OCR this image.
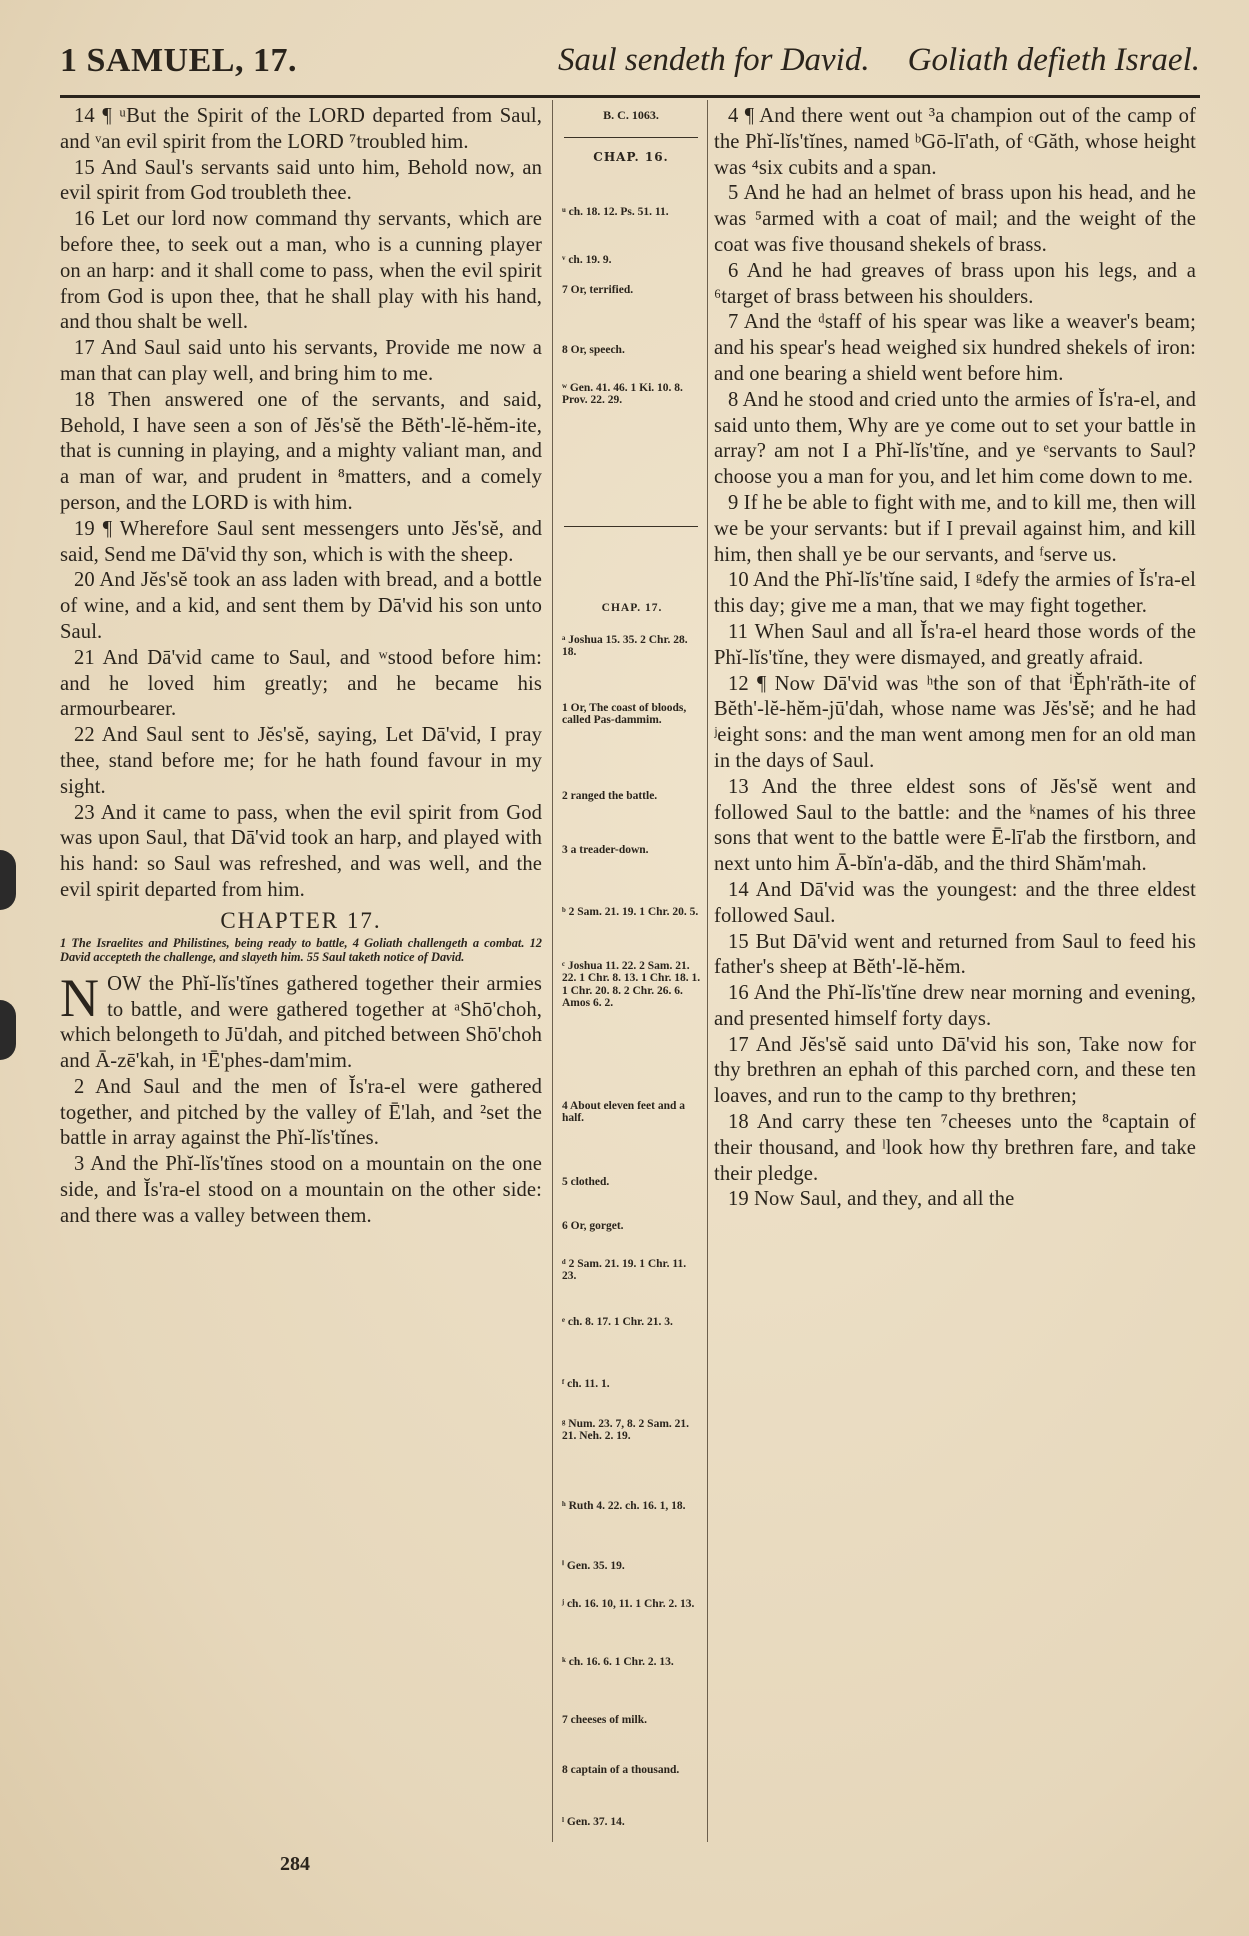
1 SAMUEL, 17.	Saul sendeth for David. Goliath defieth Israel.

14 ¶ ᵘBut the Spirit of the LORD departed from Saul, and ᵛan evil spirit from the LORD ⁷troubled him.

15 And Saul's servants said unto him, Behold now, an evil spirit from God troubleth thee.

16 Let our lord now command thy servants, which are before thee, to seek out a man, who is a cunning player on an harp: and it shall come to pass, when the evil spirit from God is upon thee, that he shall play with his hand, and thou shalt be well.

17 And Saul said unto his servants, Provide me now a man that can play well, and bring him to me.

18 Then answered one of the servants, and said, Behold, I have seen a son of Jĕs'sĕ the Bĕth'-lĕ-hĕm-ite, that is cunning in playing, and a mighty valiant man, and a man of war, and prudent in ⁸matters, and a comely person, and the LORD is with him.

19 ¶ Wherefore Saul sent messengers unto Jĕs'sĕ, and said, Send me Dā'vid thy son, which is with the sheep.

20 And Jĕs'sĕ took an ass laden with bread, and a bottle of wine, and a kid, and sent them by Dā'vid his son unto Saul.

21 And Dā'vid came to Saul, and ʷstood before him: and he loved him greatly; and he became his armourbearer.

22 And Saul sent to Jĕs'sĕ, saying, Let Dā'vid, I pray thee, stand before me; for he hath found favour in my sight.

23 And it came to pass, when the evil spirit from God was upon Saul, that Dā'vid took an harp, and played with his hand: so Saul was refreshed, and was well, and the evil spirit departed from him.

CHAPTER 17.

1 The Israelites and Philistines, being ready to battle, 4 Goliath challengeth a combat. 12 David accepteth the challenge, and slayeth him. 55 Saul taketh notice of David.

NOW the Phĭ-lĭs'tĭnes gathered together their armies to battle, and were gathered together at ᵃShō'choh, which belongeth to Jū'dah, and pitched between Shō'choh and Ā-zē'kah, in ¹Ē'phes-dam'mim.

2 And Saul and the men of Ĭs'ra-el were gathered together, and pitched by the valley of Ē'lah, and ²set the battle in array against the Phĭ-lĭs'tĭnes.

3 And the Phĭ-lĭs'tĭnes stood on a mountain on the one side, and Ĭs'ra-el stood on a mountain on the other side: and there was a valley between them.

B. C. 1063.
CHAP. 16.
ᵘ ch. 18. 12. Ps. 51. 11.
ᵛ ch. 19. 9.
7 Or, terrified.
8 Or, speech.
ʷ Gen. 41. 46. 1 Ki. 10. 8. Prov. 22. 29.
CHAP. 17.
ᵃ Joshua 15. 35. 2 Chr. 28. 18.
1 Or, The coast of bloods, called Pas-dammim.
2 ranged the battle.
3 a treader-down.
ᵇ 2 Sam. 21. 19. 1 Chr. 20. 5.
ᶜ Joshua 11. 22. 2 Sam. 21. 22. 1 Chr. 8. 13. 1 Chr. 18. 1. 1 Chr. 20. 8. 2 Chr. 26. 6. Amos 6. 2.
4 About eleven feet and a half.
5 clothed.
6 Or, gorget.
ᵈ 2 Sam. 21. 19. 1 Chr. 11. 23.
ᵉ ch. 8. 17. 1 Chr. 21. 3.
ᶠ ch. 11. 1.
ᵍ Num. 23. 7, 8. 2 Sam. 21. 21. Neh. 2. 19.
ʰ Ruth 4. 22. ch. 16. 1, 18.
ⁱ Gen. 35. 19.
ʲ ch. 16. 10, 11. 1 Chr. 2. 13.
ᵏ ch. 16. 6. 1 Chr. 2. 13.
7 cheeses of milk.
8 captain of a thousand.
ˡ Gen. 37. 14.

4 ¶ And there went out ³a champion out of the camp of the Phĭ-lĭs'tĭnes, named ᵇGō-lī'ath, of ᶜGăth, whose height was ⁴six cubits and a span.

5 And he had an helmet of brass upon his head, and he was ⁵armed with a coat of mail; and the weight of the coat was five thousand shekels of brass.

6 And he had greaves of brass upon his legs, and a ⁶target of brass between his shoulders.

7 And the ᵈstaff of his spear was like a weaver's beam; and his spear's head weighed six hundred shekels of iron: and one bearing a shield went before him.

8 And he stood and cried unto the armies of Ĭs'ra-el, and said unto them, Why are ye come out to set your battle in array? am not I a Phĭ-lĭs'tĭne, and ye ᵉservants to Saul? choose you a man for you, and let him come down to me.

9 If he be able to fight with me, and to kill me, then will we be your servants: but if I prevail against him, and kill him, then shall ye be our servants, and ᶠserve us.

10 And the Phĭ-lĭs'tĭne said, I ᵍdefy the armies of Ĭs'ra-el this day; give me a man, that we may fight together.

11 When Saul and all Ĭs'ra-el heard those words of the Phĭ-lĭs'tĭne, they were dismayed, and greatly afraid.

12 ¶ Now Dā'vid was ʰthe son of that ⁱĔph'răth-ite of Bĕth'-lĕ-hĕm-jū'dah, whose name was Jĕs'sĕ; and he had ʲeight sons: and the man went among men for an old man in the days of Saul.

13 And the three eldest sons of Jĕs'sĕ went and followed Saul to the battle: and the ᵏnames of his three sons that went to the battle were Ē-lī'ab the firstborn, and next unto him Ā-bĭn'a-dăb, and the third Shăm'mah.

14 And Dā'vid was the youngest: and the three eldest followed Saul.

15 But Dā'vid went and returned from Saul to feed his father's sheep at Bĕth'-lĕ-hĕm.

16 And the Phĭ-lĭs'tĭne drew near morning and evening, and presented himself forty days.

17 And Jĕs'sĕ said unto Dā'vid his son, Take now for thy brethren an ephah of this parched corn, and these ten loaves, and run to the camp to thy brethren;

18 And carry these ten ⁷cheeses unto the ⁸captain of their thousand, and ˡlook how thy brethren fare, and take their pledge.

19 Now Saul, and they, and all the

284
